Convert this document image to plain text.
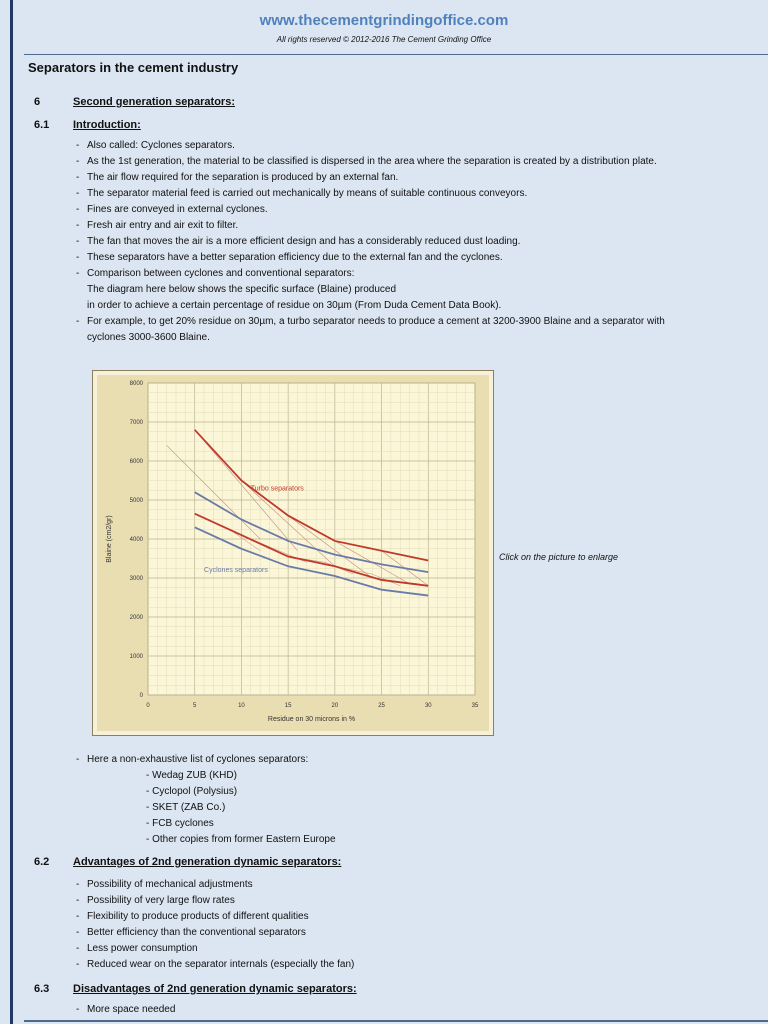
www.thecementgrindingoffice.com
All rights reserved © 2012-2016 The Cement Grinding Office
Separators in the cement industry
6	Second generation separators:
6.1 Introduction:
- Also called: Cyclones separators.
- As the 1st generation, the material to be classified is dispersed in the area where the separation is created by a distribution plate.
- The air flow required for the separation is produced by an external fan.
- The separator material feed is carried out mechanically by means of suitable continuous conveyors.
- Fines are conveyed in external cyclones.
- Fresh air entry and air exit to filter.
- The fan that moves the air is a more efficient design and has a considerably reduced dust loading.
- These separators have a better separation efficiency due to the external fan and the cyclones.
- Comparison between cyclones and conventional separators:
The diagram here below shows the specific surface (Blaine) produced
in order to achieve a certain percentage of residue on 30µm (From Duda Cement Data Book).
- For example, to get 20% residue on 30µm, a turbo separator needs to produce a cement at 3200-3900 Blaine and a separator with cyclones 3000-3600 Blaine.
0	5	10	15	20	25	30	35
0
1000
2000
3000
4000
5000
6000
7000
8000
Residue on 30 microns in %
Blaine (cm2/gr)
Turbo separators
Cyclones separators
Click on the picture to enlarge
- Here a non-exhaustive list of cyclones separators:
- Wedag ZUB (KHD)
- Cyclopol (Polysius)
- SKET (ZAB Co.)
- FCB cyclones
- Other copies from former Eastern Europe
6.2 Advantages of 2nd generation dynamic separators:
- Possibility of mechanical adjustments
- Possibility of very large flow rates
- Flexibility to produce products of different qualities
- Better efficiency than the conventional separators
- Less power consumption
- Reduced wear on the separator internals (especially the fan)
6.3 Disadvantages of 2nd generation dynamic separators:
- More space needed
